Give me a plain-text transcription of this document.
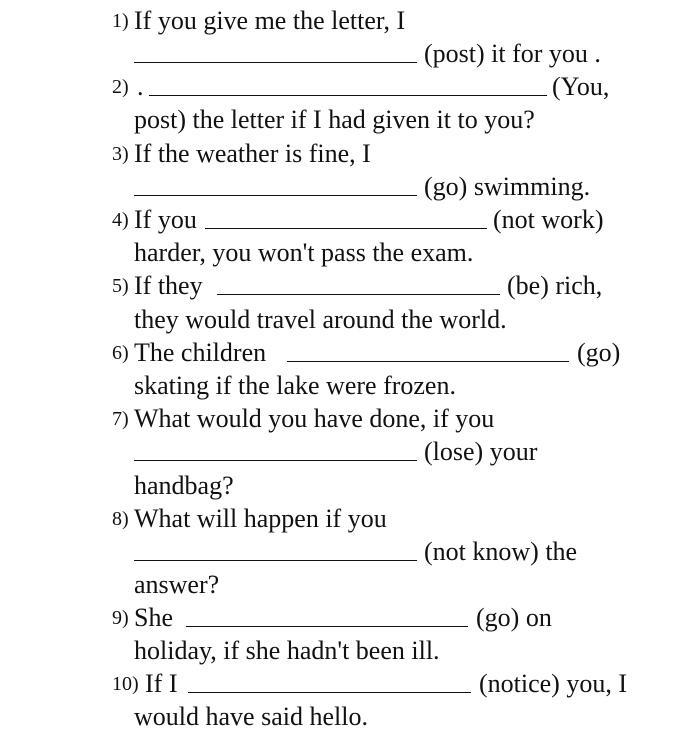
1) If you give me the letter, I
(post) it for you .
2) .	(You,
post) the letter if I had given it to you?
3) If the weather is fine, I
(go) swimming.
4) If you	(not work)
harder, you won't pass the exam.
5) If they	(be) rich,
they would travel around the world.
6) The children	(go)
skating if the lake were frozen.
7) What would you have done, if you
(lose) your
handbag?
8) What will happen if you
(not know) the
answer?
9) She	(go) on
holiday, if she hadn't been ill.
10) If I	(notice) you, I
would have said hello.
